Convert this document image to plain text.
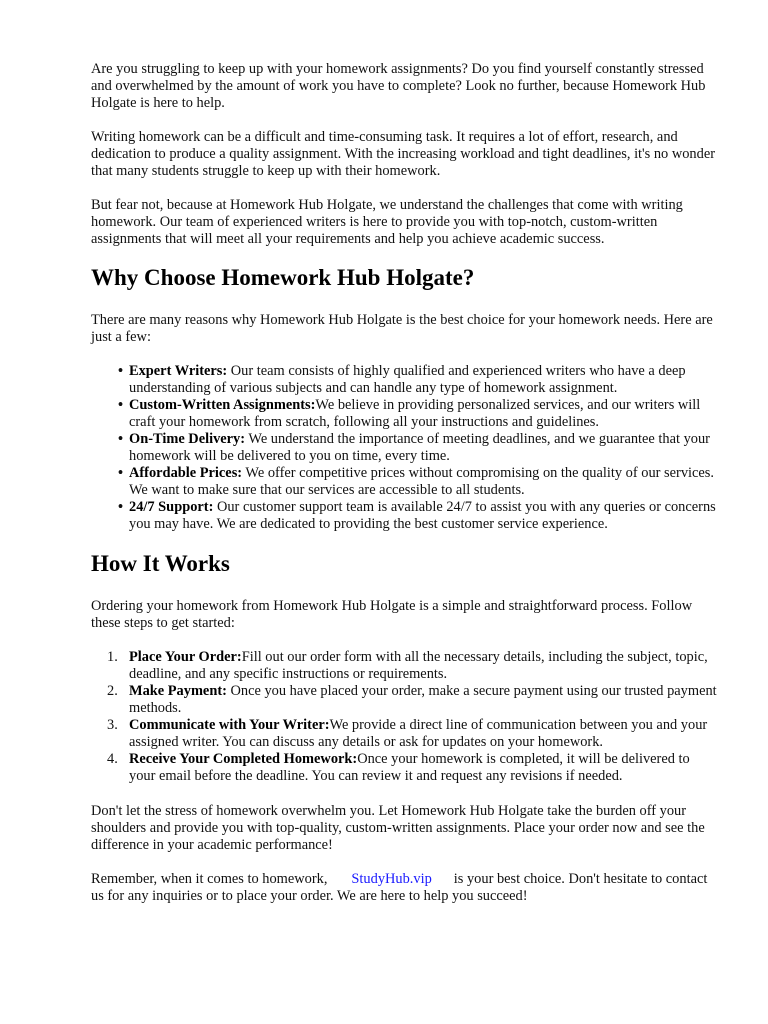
Are you struggling to keep up with your homework assignments? Do you find yourself constantly stressed and overwhelmed by the amount of work you have to complete? Look no further, because Homework Hub Holgate is here to help.

Writing homework can be a difficult and time-consuming task. It requires a lot of effort, research, and dedication to produce a quality assignment. With the increasing workload and tight deadlines, it's no wonder that many students struggle to keep up with their homework.

But fear not, because at Homework Hub Holgate, we understand the challenges that come with writing homework. Our team of experienced writers is here to provide you with top-notch, custom-written assignments that will meet all your requirements and help you achieve academic success.

Why Choose Homework Hub Holgate?

There are many reasons why Homework Hub Holgate is the best choice for your homework needs. Here are just a few:

• Expert Writers: Our team consists of highly qualified and experienced writers who have a deep understanding of various subjects and can handle any type of homework assignment.
• Custom-Written Assignments:We believe in providing personalized services, and our writers will craft your homework from scratch, following all your instructions and guidelines.
• On-Time Delivery: We understand the importance of meeting deadlines, and we guarantee that your homework will be delivered to you on time, every time.
• Affordable Prices: We offer competitive prices without compromising on the quality of our services. We want to make sure that our services are accessible to all students.
• 24/7 Support: Our customer support team is available 24/7 to assist you with any queries or concerns you may have. We are dedicated to providing the best customer service experience.
How It Works

Ordering your homework from Homework Hub Holgate is a simple and straightforward process. Follow these steps to get started:

1. Place Your Order:Fill out our order form with all the necessary details, including the subject, topic, deadline, and any specific instructions or requirements.
2. Make Payment: Once you have placed your order, make a secure payment using our trusted payment methods.
3. Communicate with Your Writer:We provide a direct line of communication between you and your assigned writer. You can discuss any details or ask for updates on your homework.
4. Receive Your Completed Homework:Once your homework is completed, it will be delivered to your email before the deadline. You can review it and request any revisions if needed.

Don't let the stress of homework overwhelm you. Let Homework Hub Holgate take the burden off your shoulders and provide you with top-quality, custom-written assignments. Place your order now and see the difference in your academic performance!

Remember, when it comes to homework, StudyHub.vip is your best choice. Don't hesitate to contact us for any inquiries or to place your order. We are here to help you succeed!
